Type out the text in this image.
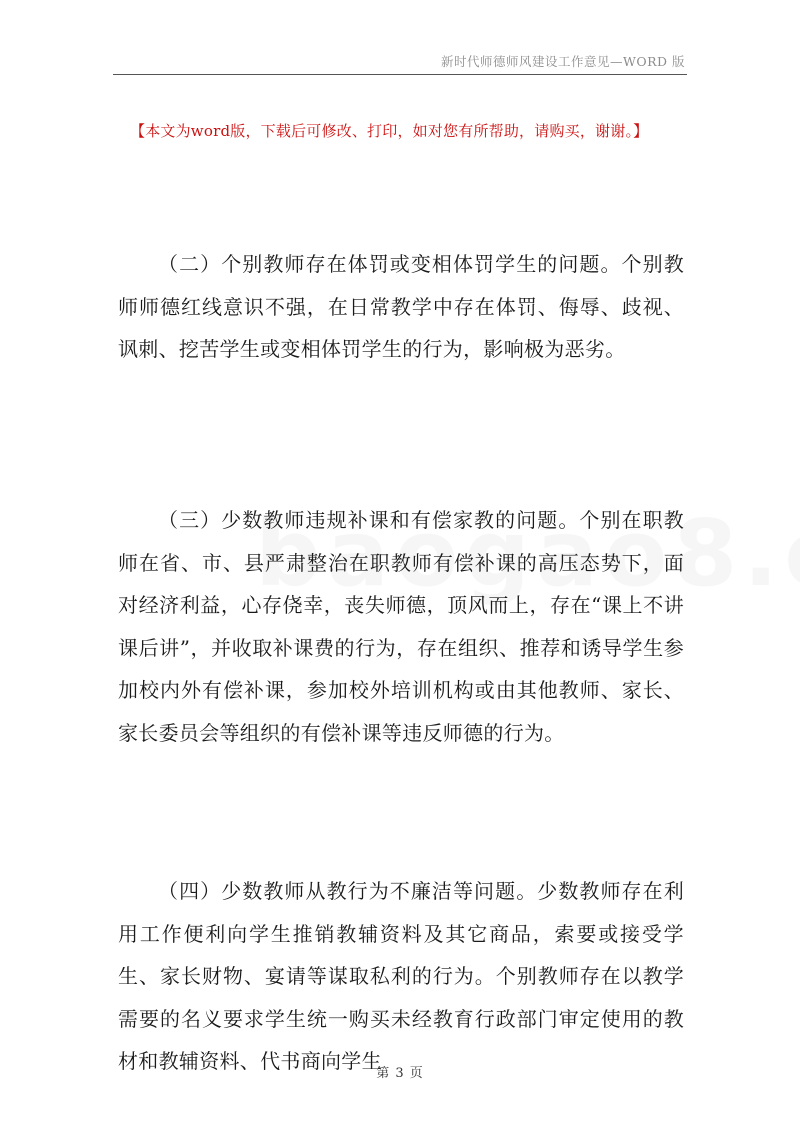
新时代师德师风建设工作意见—WORD 版
【本文为word版，下载后可修改、打印，如对您有所帮助，请购买，谢谢。】

（二）个别教师存在体罚或变相体罚学生的问题。个别教师师德红线意识不强，在日常教学中存在体罚、侮辱、歧视、讽刺、挖苦学生或变相体罚学生的行为，影响极为恶劣。

（三）少数教师违规补课和有偿家教的问题。个别在职教师在省、市、县严肃整治在职教师有偿补课的高压态势下，面对经济利益，心存侥幸，丧失师德，顶风而上，存在“课上不讲课后讲”，并收取补课费的行为，存在组织、推荐和诱导学生参加校内外有偿补课，参加校外培训机构或由其他教师、家长、家长委员会等组织的有偿补课等违反师德的行为。

（四）少数教师从教行为不廉洁等问题。少数教师存在利用工作便利向学生推销教辅资料及其它商品，索要或接受学生、家长财物、宴请等谋取私利的行为。个别教师存在以教学需要的名义要求学生统一购买未经教育行政部门审定使用的教材和教辅资料、代书商向学生

第 3 页
